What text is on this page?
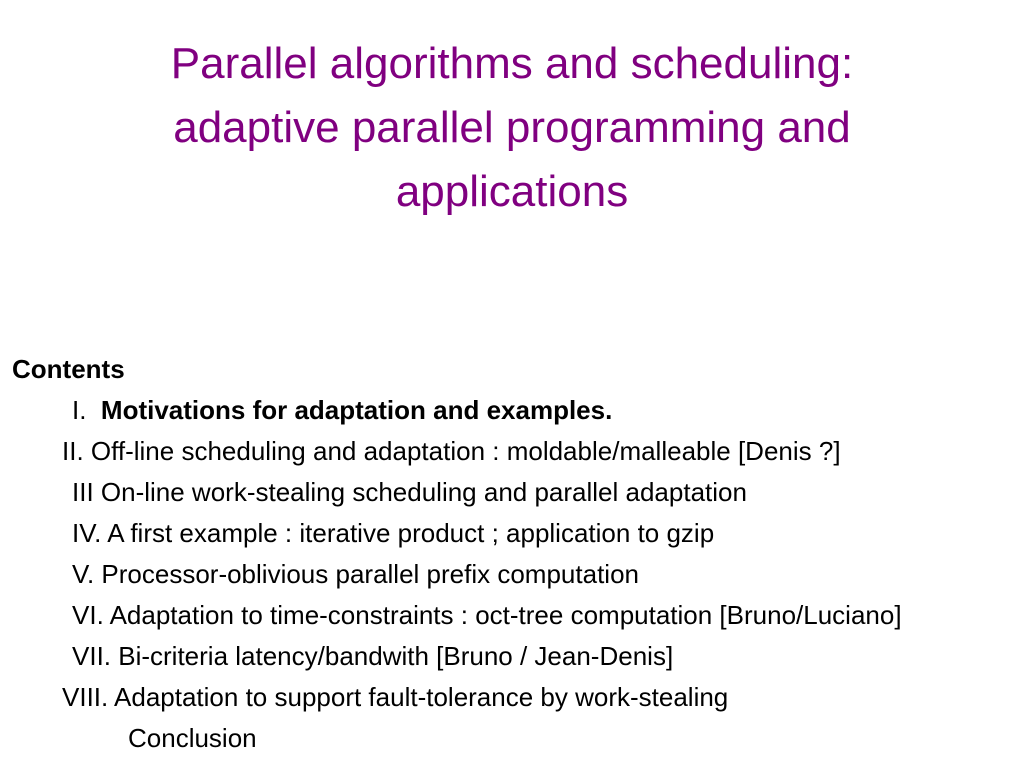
Parallel algorithms and scheduling:
adaptive parallel programming and
applications
Contents
I. Motivations for adaptation and examples.
II. Off-line scheduling and adaptation : moldable/malleable [Denis ?]
III On-line work-stealing scheduling and parallel adaptation
IV. A first example : iterative product ; application to gzip
V. Processor-oblivious parallel prefix computation
VI. Adaptation to time-constraints : oct-tree computation [Bruno/Luciano]
VII. Bi-criteria latency/bandwith [Bruno / Jean-Denis]
VIII. Adaptation to support fault-tolerance by work-stealing
Conclusion
